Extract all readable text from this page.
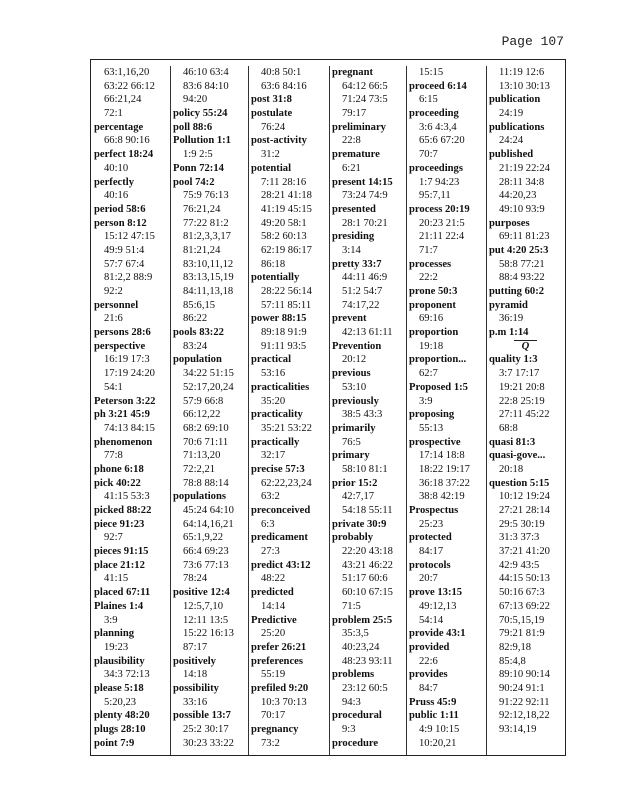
Page 107
63:1,16,20
63:22 66:12
66:21,24
72:1
percentage
66:8 90:16
perfect 18:24
40:10
perfectly
40:16
period 58:6
person 8:12
15:12 47:15
49:9 51:4
57:7 67:4
81:2,2 88:9
92:2
personnel
21:6
persons 28:6
perspective
16:19 17:3
17:19 24:20
54:1
Peterson 3:22
ph 3:21 45:9
74:13 84:15
phenomenon
77:8
phone 6:18
pick 40:22
41:15 53:3
picked 88:22
piece 91:23
92:7
pieces 91:15
place 21:12
41:15
placed 67:11
Plaines 1:4
3:9
planning
19:23
plausibility
34:3 72:13
please 5:18
5:20,23
plenty 48:20
plugs 28:10
point 7:9
46:10 63:4
83:6 84:10
94:20
policy 55:24
poll 88:6
Pollution 1:1
1:9 2:5
Ponn 72:14
pool 74:2
75:9 76:13
76:21,24
77:22 81:2
81:2,3,3,17
81:21,24
83:10,11,12
83:13,15,19
84:11,13,18
85:6,15
86:22
pools 83:22
83:24
population
34:22 51:15
52:17,20,24
57:9 66:8
66:12,22
68:2 69:10
70:6 71:11
71:13,20
72:2,21
78:8 88:14
populations
45:24 64:10
64:14,16,21
65:1,9,22
66:4 69:23
73:6 77:13
78:24
positive 12:4
12:5,7,10
12:11 13:5
15:22 16:13
87:17
positively
14:18
possibility
33:16
possible 13:7
25:2 30:17
30:23 33:22
40:8 50:1
63:6 84:16
post 31:8
postulate
76:24
post-activity
31:2
potential
7:11 28:16
28:21 41:18
41:19 45:15
49:20 58:1
58:2 60:13
62:19 86:17
86:18
potentially
28:22 56:14
57:11 85:11
power 88:15
89:18 91:9
91:11 93:5
practical
53:16
practicalities
35:20
practicality
35:21 53:22
practically
32:17
precise 57:3
62:22,23,24
63:2
preconceived
6:3
predicament
27:3
predict 43:12
48:22
predicted
14:14
Predictive
25:20
prefer 26:21
preferences
55:19
prefiled 9:20
10:3 70:13
70:17
pregnancy
73:2
pregnant
64:12 66:5
71:24 73:5
79:17
preliminary
22:8
premature
6:21
present 14:15
73:24 74:9
presented
28:1 70:21
presiding
3:14
pretty 33:7
44:11 46:9
51:2 54:7
74:17,22
prevent
42:13 61:11
Prevention
20:12
previous
53:10
previously
38:5 43:3
primarily
76:5
primary
58:10 81:1
prior 15:2
42:7,17
54:18 55:11
private 30:9
probably
22:20 43:18
43:21 46:22
51:17 60:6
60:10 67:15
71:5
problem 25:5
35:3,5
40:23,24
48:23 93:11
problems
23:12 60:5
94:3
procedural
9:3
procedure
15:15
proceed 6:14
6:15
proceeding
3:6 4:3,4
65:6 67:20
70:7
proceedings
1:7 94:23
95:7,11
process 20:19
20:23 21:5
21:11 22:4
71:7
processes
22:2
prone 50:3
proponent
69:16
proportion
19:18
proportion...
62:7
Proposed 1:5
3:9
proposing
55:13
prospective
17:14 18:8
18:22 19:17
36:18 37:22
38:8 42:19
Prospectus
25:23
protected
84:17
protocols
20:7
prove 13:15
49:12,13
54:14
provide 43:1
provided
22:6
provides
84:7
Pruss 45:9
public 1:11
4:9 10:15
10:20,21
11:19 12:6
13:10 30:13
publication
24:19
publications
24:24
published
21:19 22:24
28:11 34:8
44:20,23
49:10 93:9
purposes
69:11 81:23
put 4:20 25:3
58:8 77:21
88:4 93:22
putting 60:2
pyramid
36:19
p.m 1:14
Q
quality 1:3
3:7 17:17
19:21 20:8
22:8 25:19
27:11 45:22
68:8
quasi 81:3
quasi-gove...
20:18
question 5:15
10:12 19:24
27:21 28:14
29:5 30:19
31:3 37:3
37:21 41:20
42:9 43:5
44:15 50:13
50:16 67:3
67:13 69:22
70:5,15,19
79:21 81:9
82:9,18
85:4,8
89:10 90:14
90:24 91:1
91:22 92:11
92:12,18,22
93:14,19
